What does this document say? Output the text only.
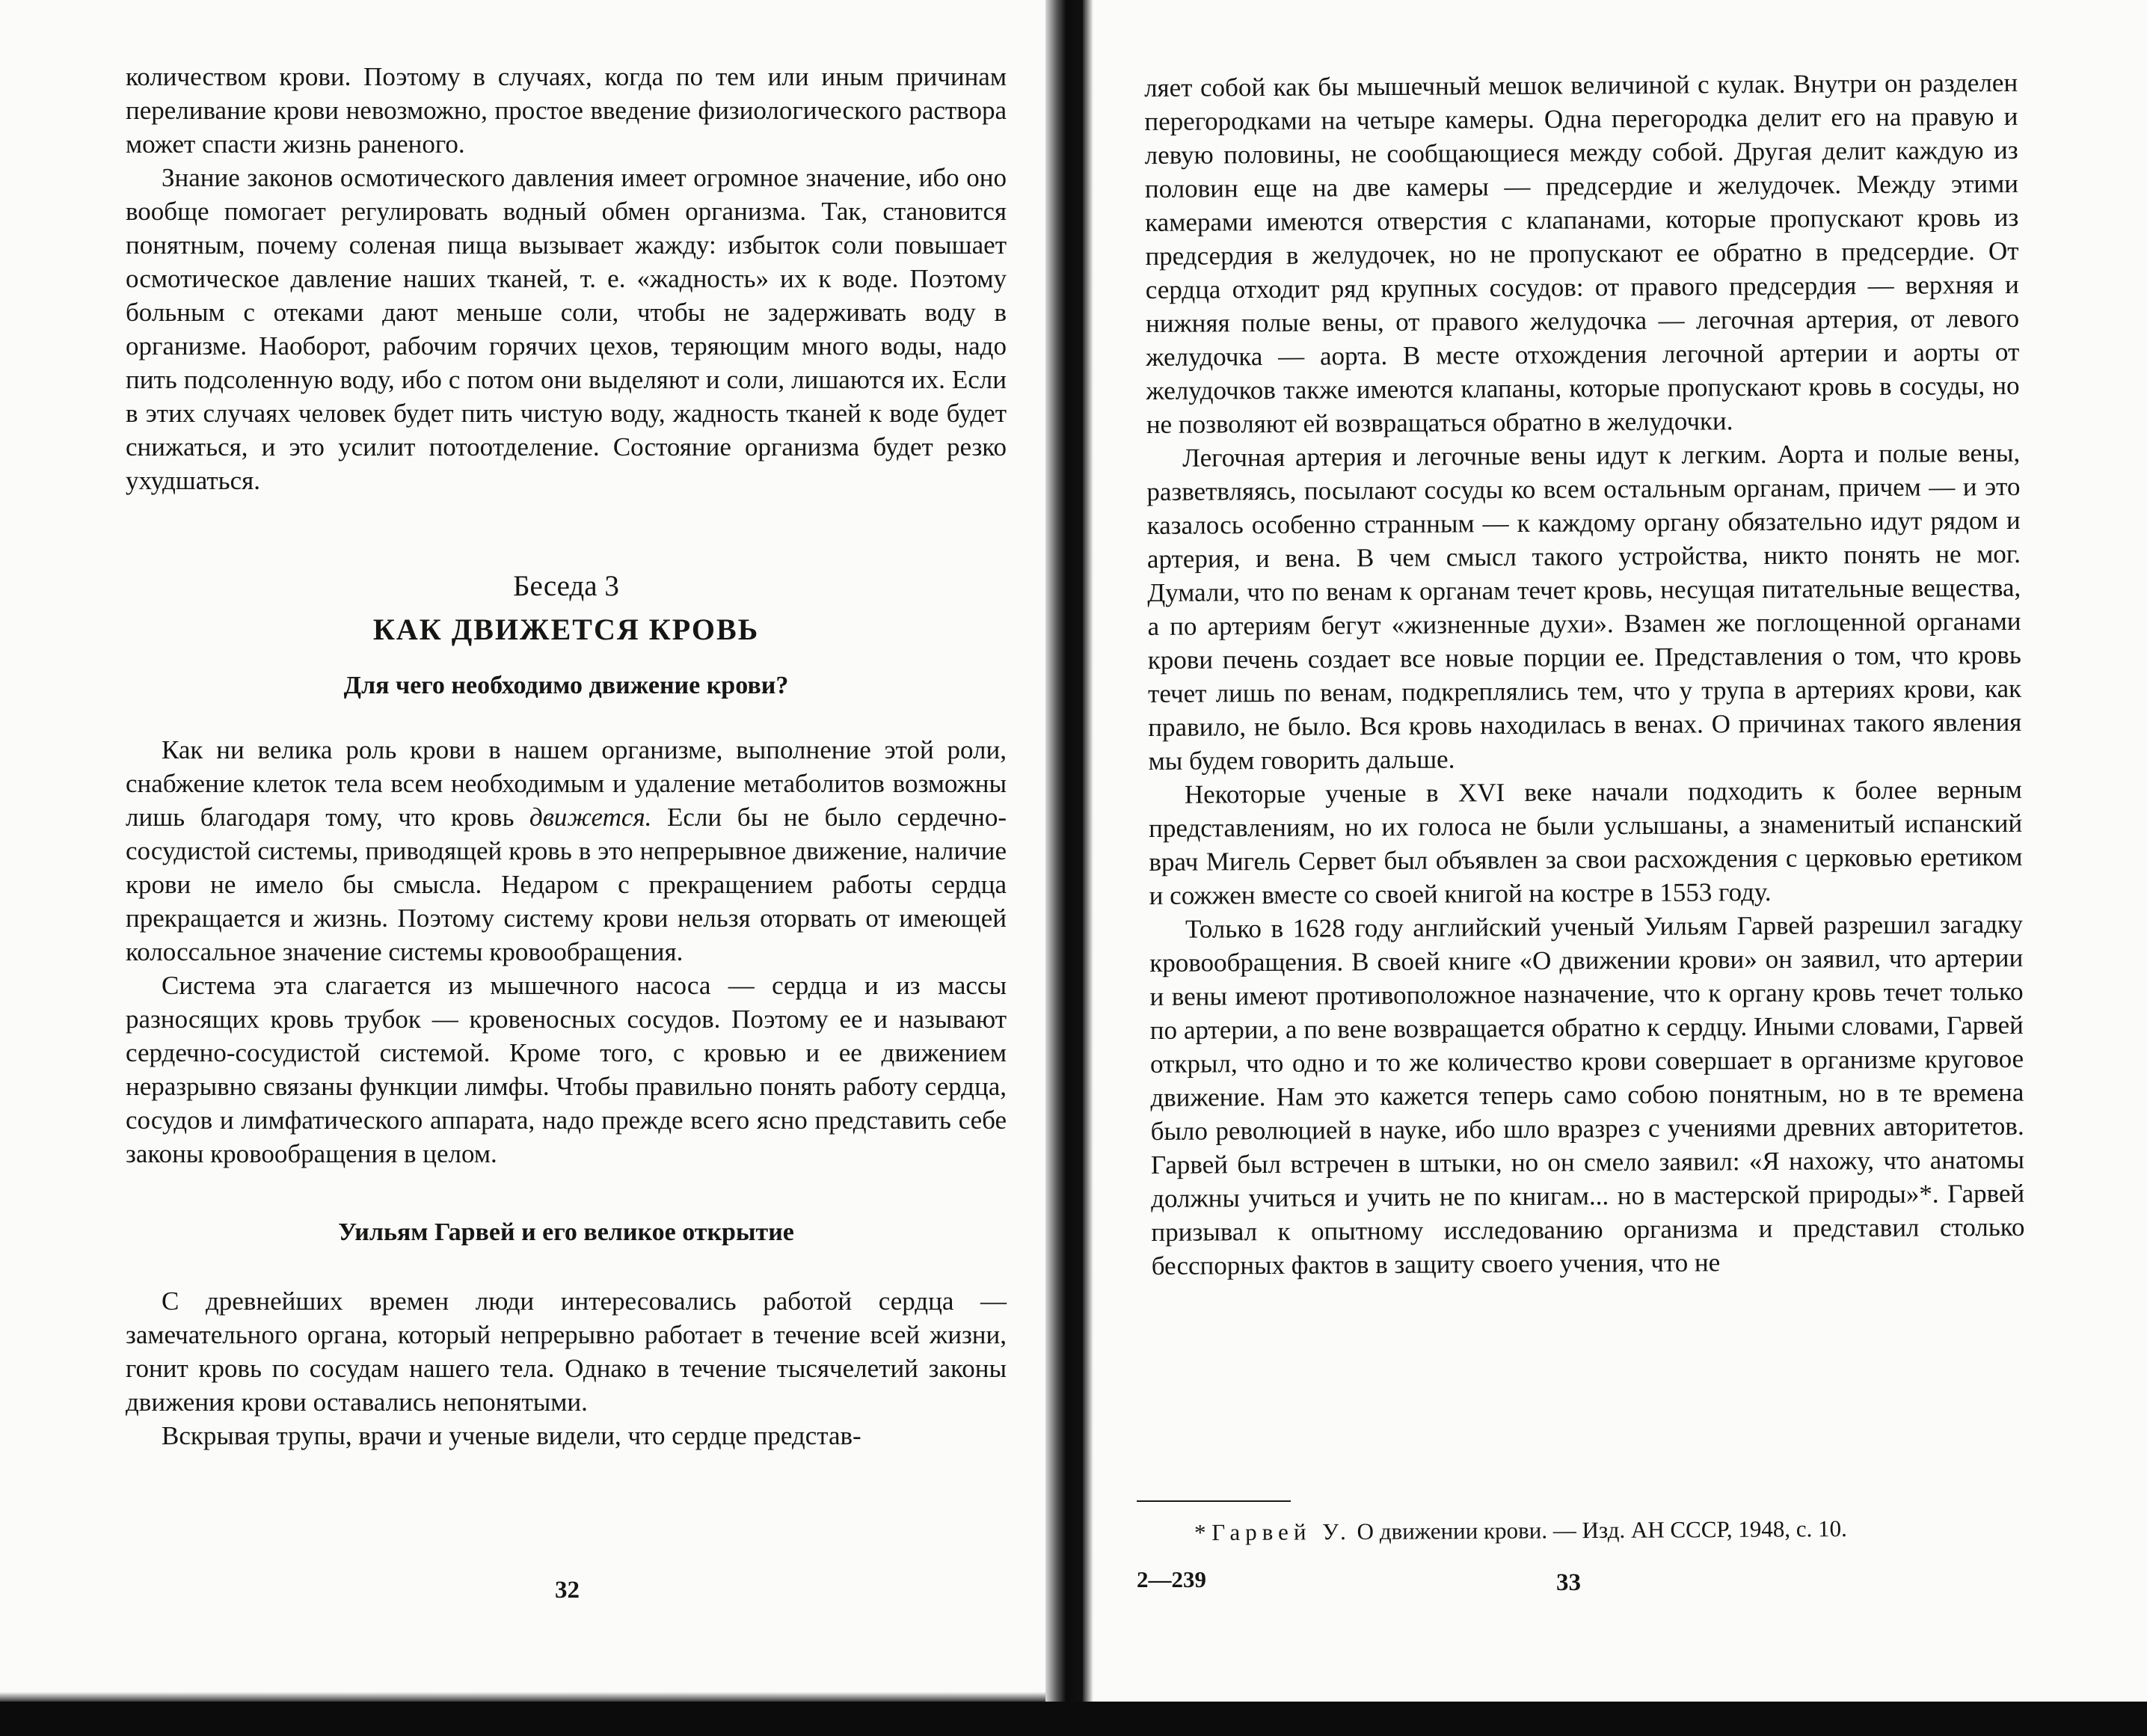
количеством крови. Поэтому в случаях, когда по тем или иным причинам переливание крови невозможно, простое введение физиологического раствора может спасти жизнь раненого.

Знание законов осмотического давления имеет огромное значение, ибо оно вообще помогает регулировать водный обмен организма. Так, становится понятным, почему соленая пища вызывает жажду: избыток соли повышает осмотическое давление наших тканей, т. е. «жадность» их к воде. Поэтому больным с отеками дают меньше соли, чтобы не задерживать воду в организме. Наоборот, рабочим горячих цехов, теряющим много воды, надо пить подсоленную воду, ибо с потом они выделяют и соли, лишаются их. Если в этих случаях человек будет пить чистую воду, жадность тканей к воде будет снижаться, и это усилит потоотделение. Состояние организма будет резко ухудшаться.

Беседа 3
КАК ДВИЖЕТСЯ КРОВЬ
Для чего необходимо движение крови?

Как ни велика роль крови в нашем организме, выполнение этой роли, снабжение клеток тела всем необходимым и удаление метаболитов возможны лишь благодаря тому, что кровь движется. Если бы не было сердечно-сосудистой системы, приводящей кровь в это непрерывное движение, наличие крови не имело бы смысла. Недаром с прекращением работы сердца прекращается и жизнь. Поэтому систему крови нельзя оторвать от имеющей колоссальное значение системы кровообращения.

Система эта слагается из мышечного насоса — сердца и из массы разносящих кровь трубок — кровеносных сосудов. Поэтому ее и называют сердечно-сосудистой системой. Кроме того, с кровью и ее движением неразрывно связаны функции лимфы. Чтобы правильно понять работу сердца, сосудов и лимфатического аппарата, надо прежде всего ясно представить себе законы кровообращения в целом.

Уильям Гарвей и его великое открытие

С древнейших времен люди интересовались работой сердца — замечательного органа, который непрерывно работает в течение всей жизни, гонит кровь по сосудам нашего тела. Однако в течение тысячелетий законы движения крови оставались непонятыми.

Вскрывая трупы, врачи и ученые видели, что сердце представ-

32

ляет собой как бы мышечный мешок величиной с кулак. Внутри он разделен перегородками на четыре камеры. Одна перегородка делит его на правую и левую половины, не сообщающиеся между собой. Другая делит каждую из половин еще на две камеры — предсердие и желудочек. Между этими камерами имеются отверстия с клапанами, которые пропускают кровь из предсердия в желудочек, но не пропускают ее обратно в предсердие. От сердца отходит ряд крупных сосудов: от правого предсердия — верхняя и нижняя полые вены, от правого желудочка — легочная артерия, от левого желудочка — аорта. В месте отхождения легочной артерии и аорты от желудочков также имеются клапаны, которые пропускают кровь в сосуды, но не позволяют ей возвращаться обратно в желудочки.

Легочная артерия и легочные вены идут к легким. Аорта и полые вены, разветвляясь, посылают сосуды ко всем остальным органам, причем — и это казалось особенно странным — к каждому органу обязательно идут рядом и артерия, и вена. В чем смысл такого устройства, никто понять не мог. Думали, что по венам к органам течет кровь, несущая питательные вещества, а по артериям бегут «жизненные духи». Взамен же поглощенной органами крови печень создает все новые порции ее. Представления о том, что кровь течет лишь по венам, подкреплялись тем, что у трупа в артериях крови, как правило, не было. Вся кровь находилась в венах. О причинах такого явления мы будем говорить дальше.

Некоторые ученые в XVI веке начали подходить к более верным представлениям, но их голоса не были услышаны, а знаменитый испанский врач Мигель Сервет был объявлен за свои расхождения с церковью еретиком и сожжен вместе со своей книгой на костре в 1553 году.

Только в 1628 году английский ученый Уильям Гарвей разрешил загадку кровообращения. В своей книге «О движении крови» он заявил, что артерии и вены имеют противоположное назначение, что к органу кровь течет только по артерии, а по вене возвращается обратно к сердцу. Иными словами, Гарвей открыл, что одно и то же количество крови совершает в организме круговое движение. Нам это кажется теперь само собою понятным, но в те времена было революцией в науке, ибо шло вразрез с учениями древних авторитетов. Гарвей был встречен в штыки, но он смело заявил: «Я нахожу, что анатомы должны учиться и учить не по книгам... но в мастерской природы»*. Гарвей призывал к опытному исследованию организма и представил столько бесспорных фактов в защиту своего учения, что не

* Гарвей У. О движении крови. — Изд. АН СССР, 1948, с. 10.
2—239	33
